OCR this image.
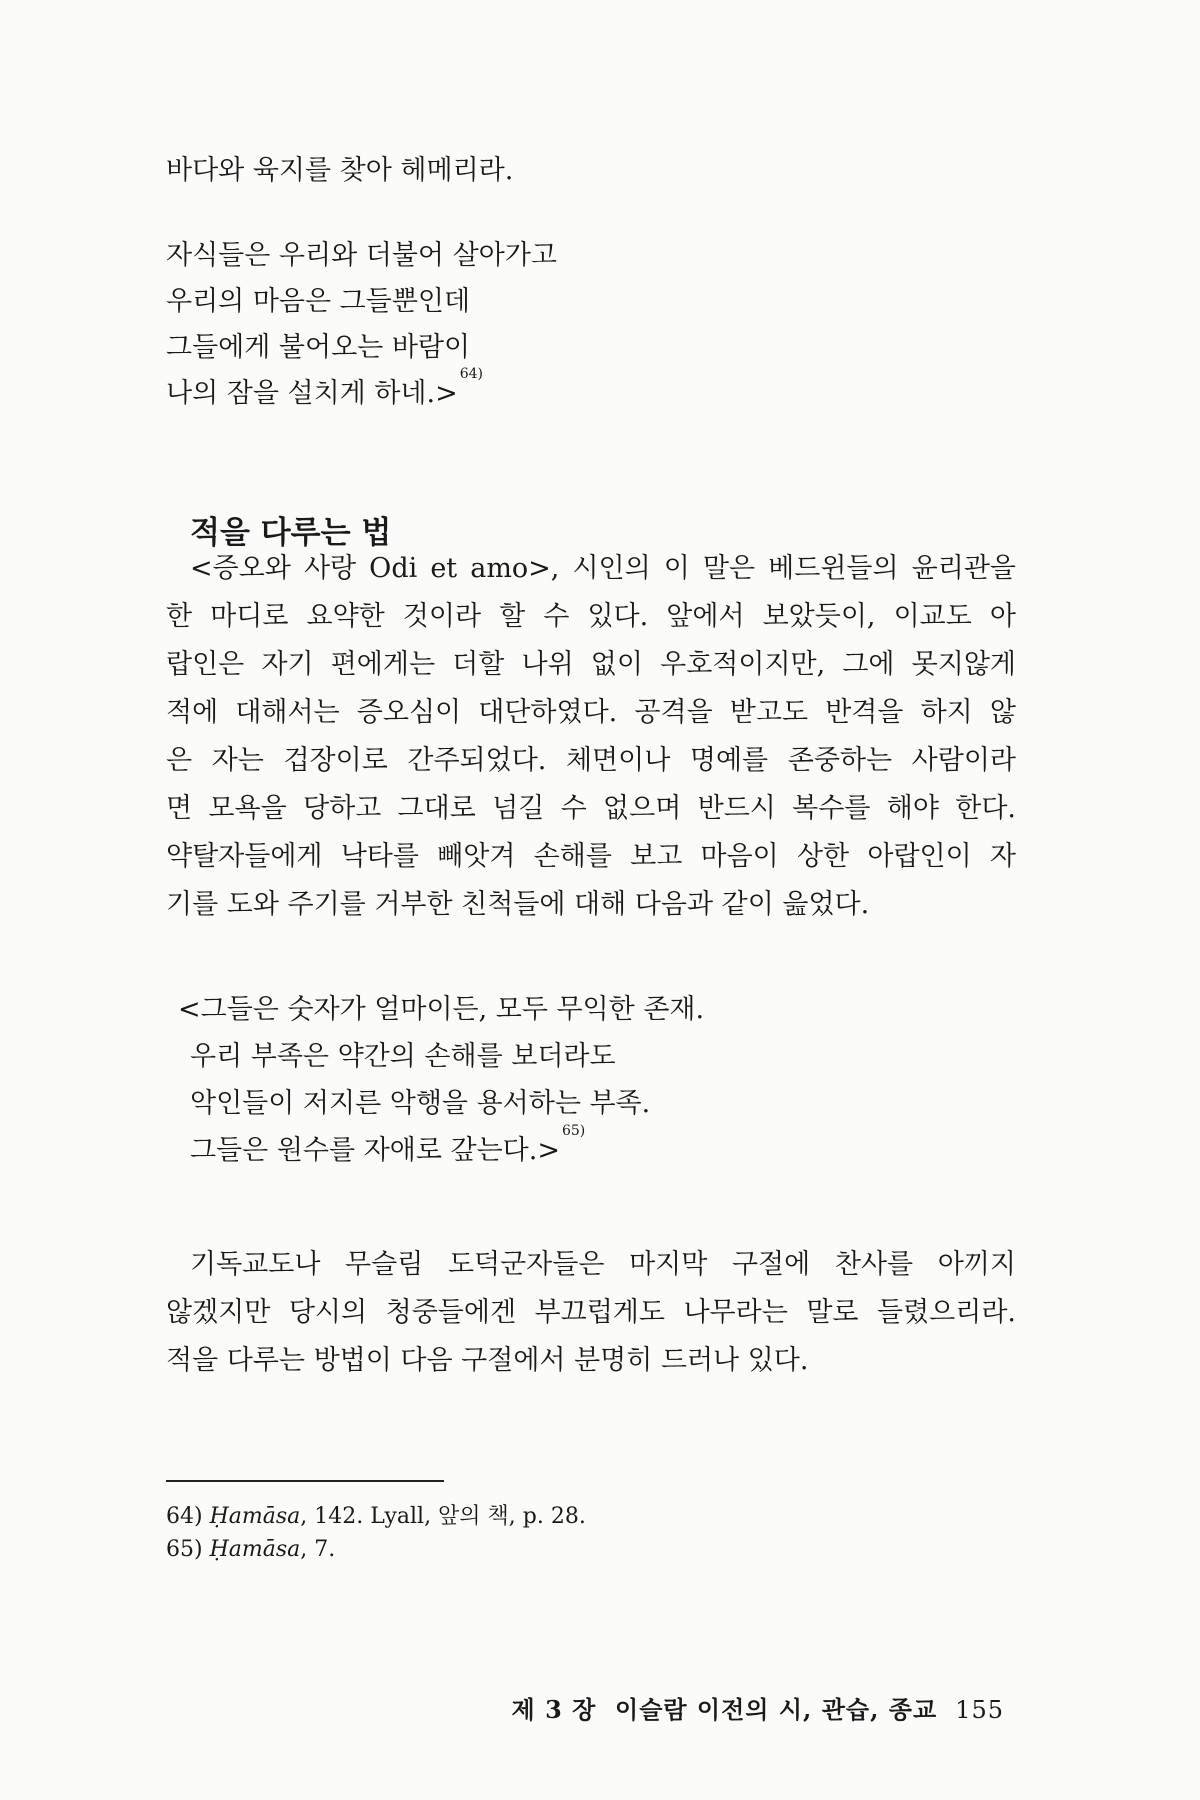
바다와 육지를 찾아 헤메리라.
자식들은 우리와 더불어 살아가고
우리의 마음은 그들뿐인데
그들에게 불어오는 바람이
나의 잠을 설치게 하네.>$^{64)}$
적을 다루는 법
<증오와 사랑 Odi et amo>, 시인의 이 말은 베드윈들의 윤리관을
한 마디로 요약한 것이라 할 수 있다. 앞에서 보았듯이, 이교도 아
랍인은 자기 편에게는 더할 나위 없이 우호적이지만, 그에 못지않게
적에 대해서는 증오심이 대단하였다. 공격을 받고도 반격을 하지 않
은 자는 겁장이로 간주되었다. 체면이나 명예를 존중하는 사람이라
면 모욕을 당하고 그대로 넘길 수 없으며 반드시 복수를 해야 한다.
약탈자들에게 낙타를 빼앗겨 손해를 보고 마음이 상한 아랍인이 자
기를 도와 주기를 거부한 친척들에 대해 다음과 같이 읊었다.
<그들은 숫자가 얼마이든, 모두 무익한 존재.
우리 부족은 약간의 손해를 보더라도
악인들이 저지른 악행을 용서하는 부족.
그들은 원수를 자애로 갚는다.>$^{65)}$
기독교도나 무슬림 도덕군자들은 마지막 구절에 찬사를 아끼지
않겠지만 당시의 청중들에겐 부끄럽게도 나무라는 말로 들렸으리라.
적을 다루는 방법이 다음 구절에서 분명히 드러나 있다.
64) Ḥamāsa, 142. Lyall, 앞의 책, p. 28.
65) Ḥamāsa, 7.
제 3 장  이슬람 이전의 시, 관습, 종교 155
